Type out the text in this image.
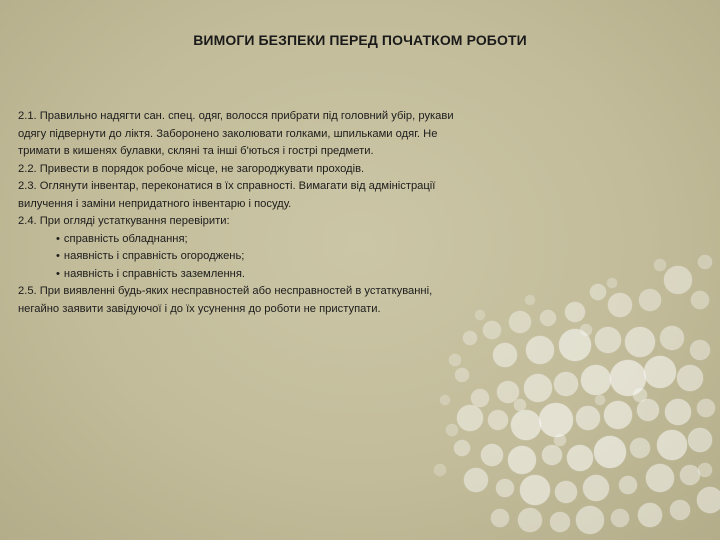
ВИМОГИ БЕЗПЕКИ ПЕРЕД ПОЧАТКОМ РОБОТИ

2.1. Правильно надягти сан. спец. одяг, волосся прибрати під головний убір, рукави одягу підвернути до ліктя. Заборонено заколювати голками, шпильками одяг. Не тримати в кишенях булавки, скляні та інші б'ються і гострі предмети.

2.2. Привести в порядок робоче місце, не загороджувати проходів.

2.3. Оглянути інвентар, переконатися в їх справності. Вимагати від адміністрації вилучення і заміни непридатного інвентарю і посуду.

2.4. При огляді устаткування перевірити:

• справність обладнання;

• наявність і справність огороджень;

• наявність і справність заземлення.

2.5. При виявленні будь-яких несправностей або несправностей в устаткуванні, негайно заявити завідуючої і до їх усунення до роботи не приступати.
